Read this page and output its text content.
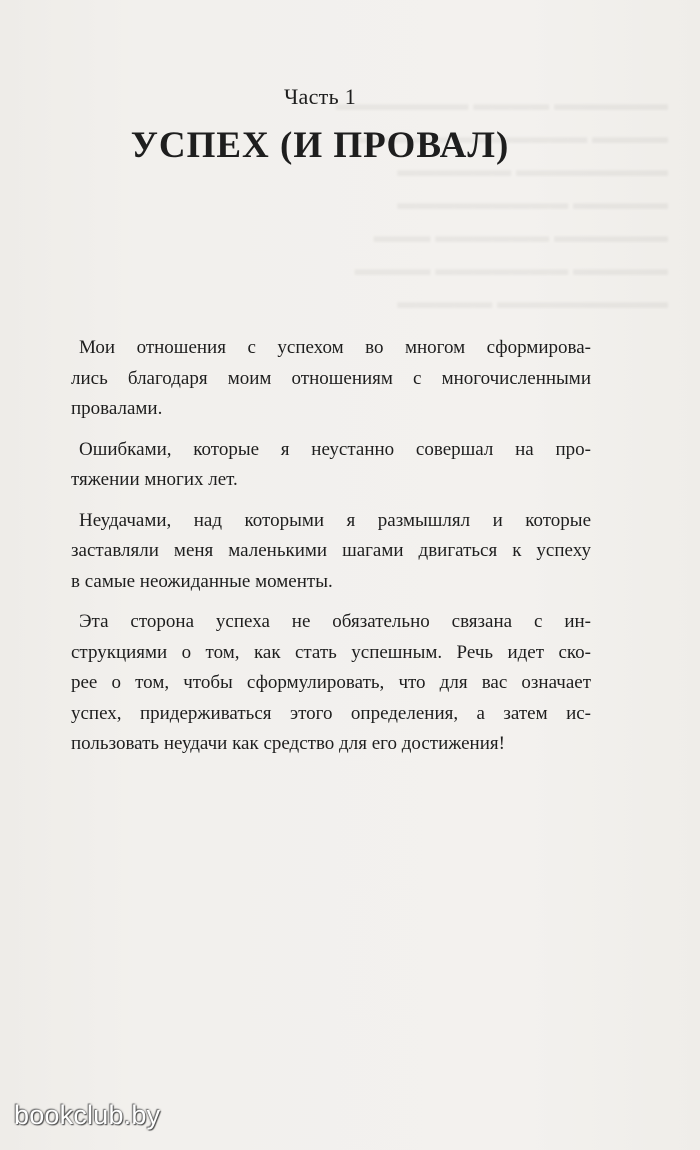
Часть 1
УСПЕХ (И ПРОВАЛ)

Мои отношения с успехом во многом сформирова-
лись благодаря моим отношениям с многочисленными
провалами.

Ошибками, которые я неустанно совершал на про-
тяжении многих лет.

Неудачами, над которыми я размышлял и которые
заставляли меня маленькими шагами двигаться к успеху
в самые неожиданные моменты.

Эта сторона успеха не обязательно связана с ин-
струкциями о том, как стать успешным. Речь идет ско-
рее о том, чтобы сформулировать, что для вас означает
успех, придерживаться этого определения, а затем ис-
пользовать неудачи как средство для его достижения!

bookclub.by
